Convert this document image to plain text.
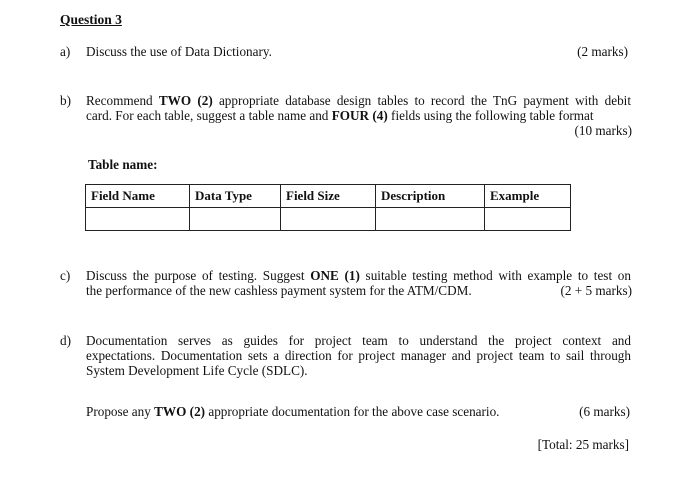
Question 3
a) Discuss the use of Data Dictionary.	(2 marks)
b) Recommend TWO (2) appropriate database design tables to record the TnG payment with debit
card. For each table, suggest a table name and FOUR (4) fields using the following table format
(10 marks)
Table name:
Field Name	Data Type	Field Size	Description	Example

c) Discuss the purpose of testing. Suggest ONE (1) suitable testing method with example to test on
the performance of the new cashless payment system for the ATM/CDM.	(2 + 5 marks)
d) Documentation serves as guides for project team to understand the project context and
expectations. Documentation sets a direction for project manager and project team to sail through
System Development Life Cycle (SDLC).
Propose any TWO (2) appropriate documentation for the above case scenario.	(6 marks)
[Total: 25 marks]
